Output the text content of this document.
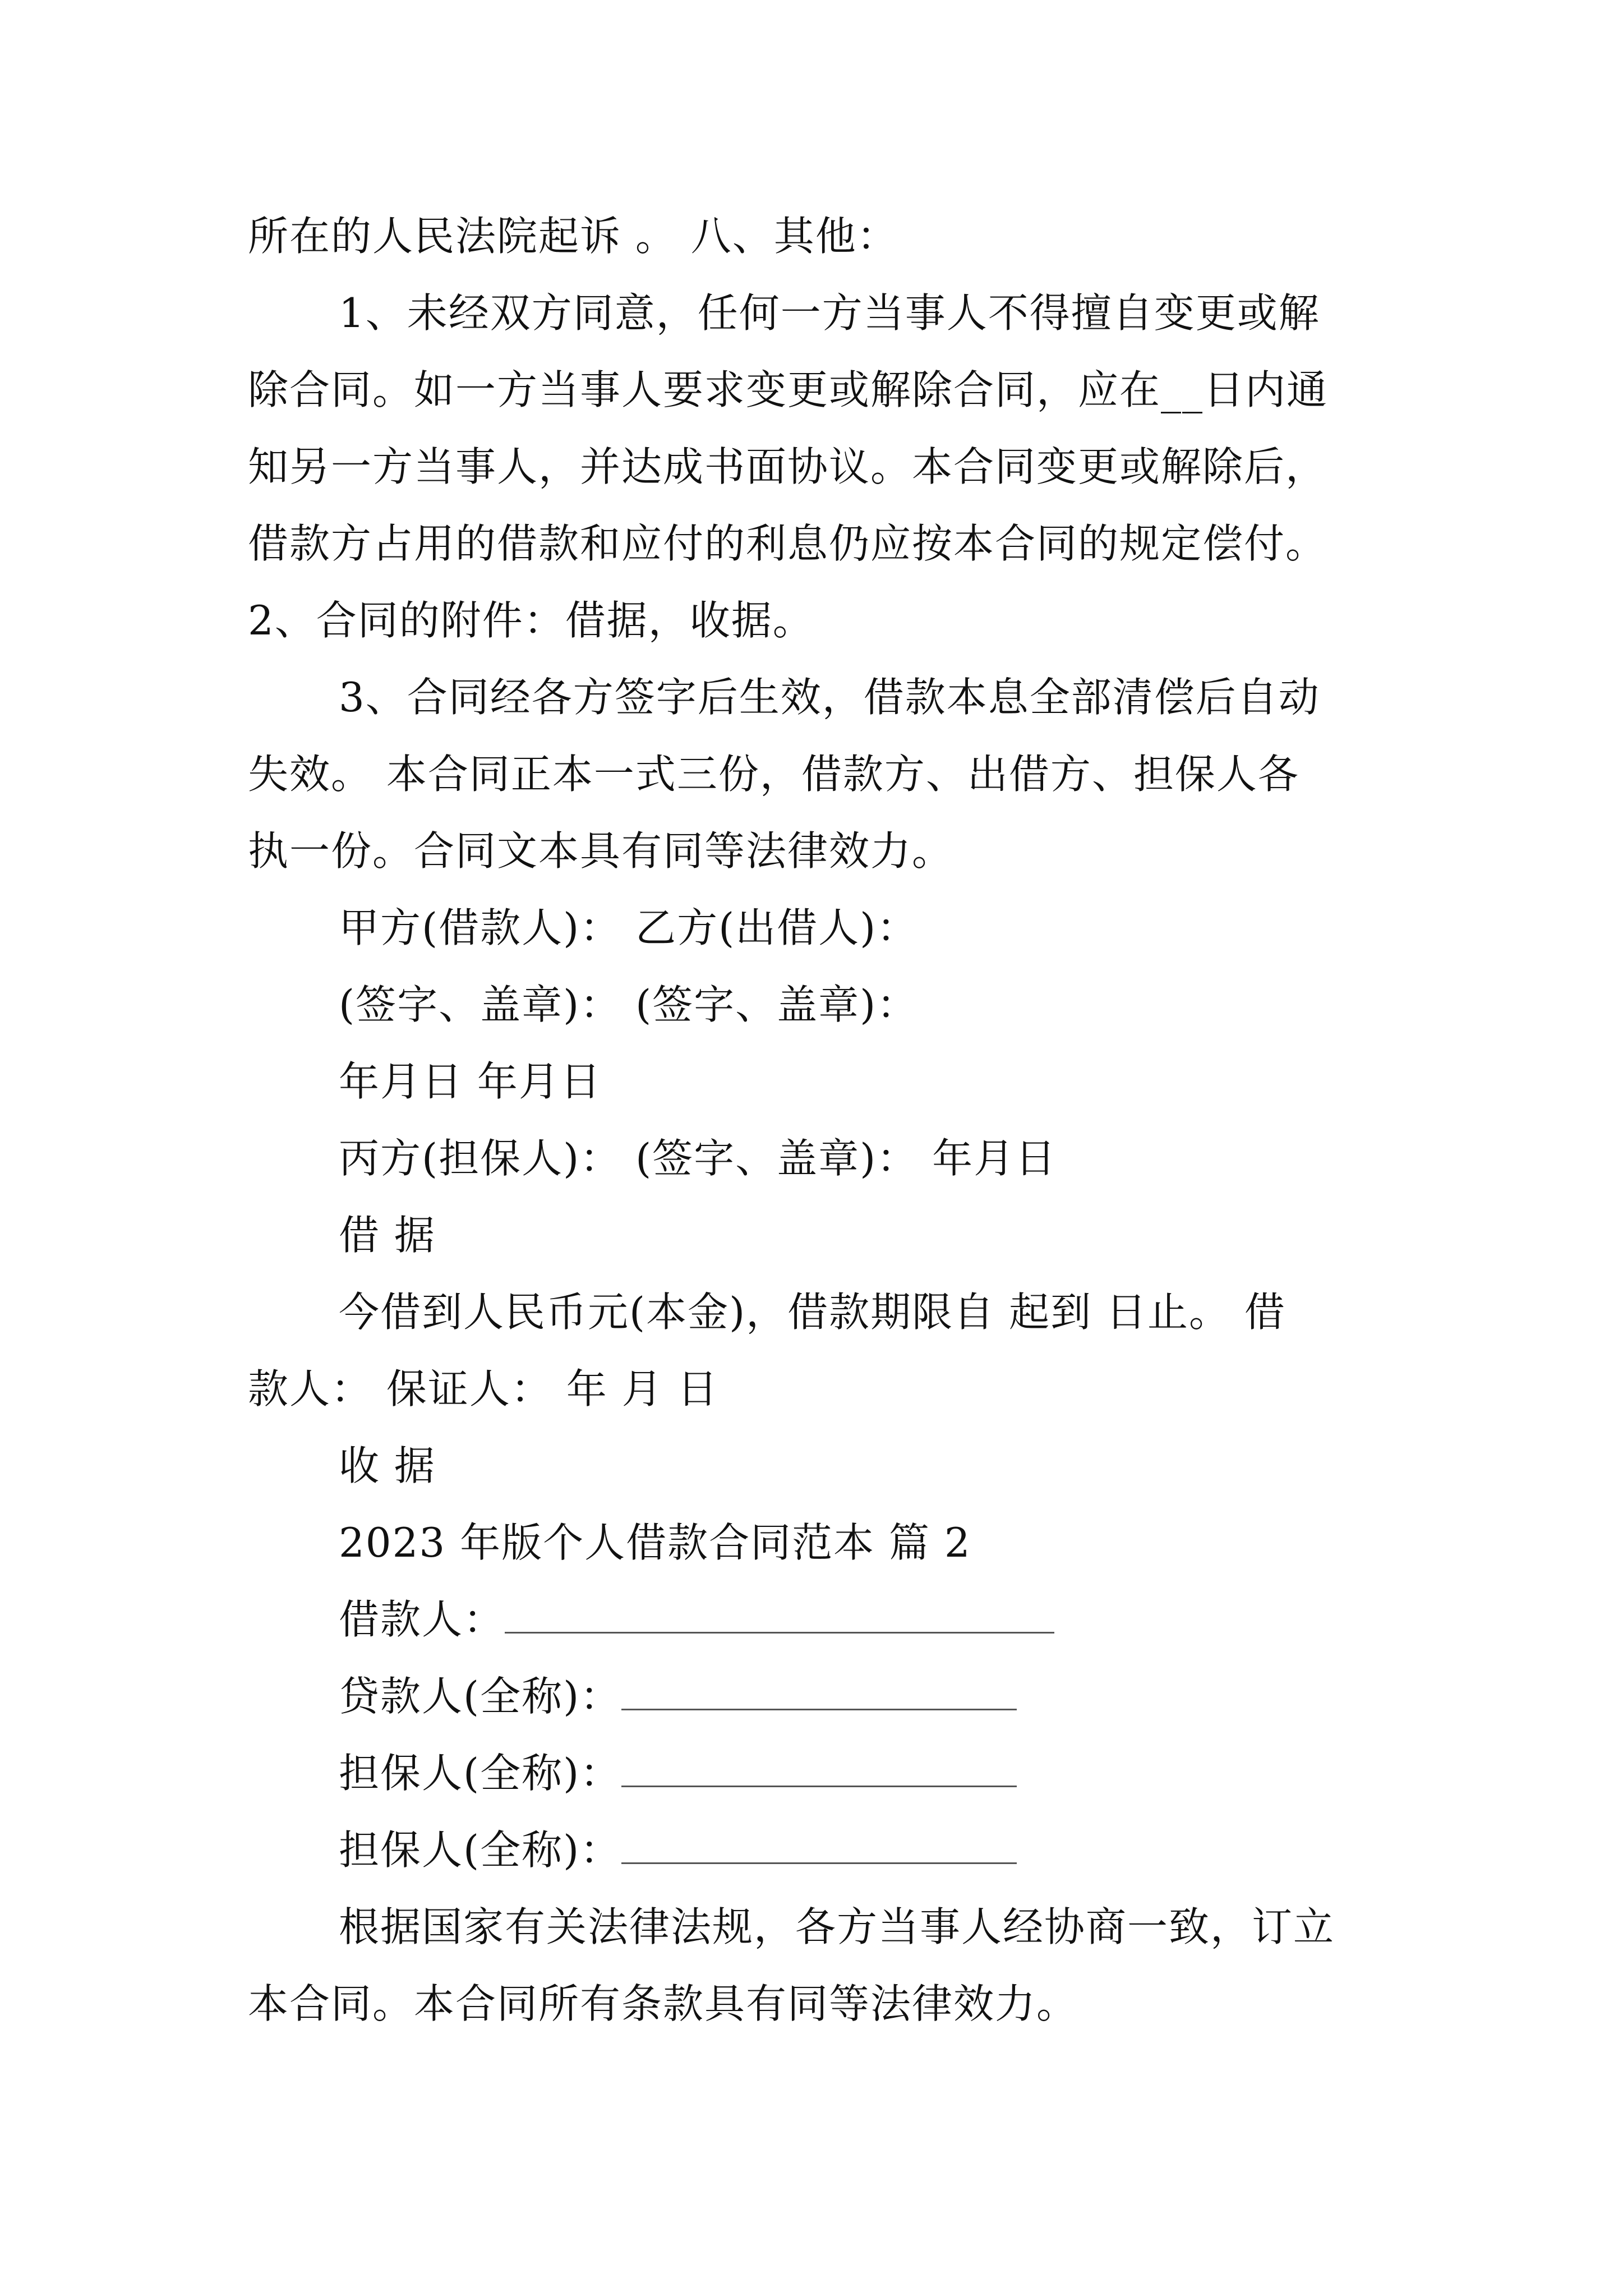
所在的人民法院起诉 。 八、其他：
1、未经双方同意，任何一方当事人不得擅自变更或解
除合同。如一方当事人要求变更或解除合同，应在__日内通
知另一方当事人，并达成书面协议。本合同变更或解除后，
借款方占用的借款和应付的利息仍应按本合同的规定偿付。
2、合同的附件：借据，收据。
3、合同经各方签字后生效，借款本息全部清偿后自动
失效。 本合同正本一式三份，借款方、出借方、担保人各
执一份。合同文本具有同等法律效力。
甲方(借款人)： 乙方(出借人)：
(签字、盖章)： (签字、盖章)：
年月日 年月日
丙方(担保人)： (签字、盖章)： 年月日
借 据
今借到人民币元(本金)，借款期限自 起到 日止。 借
款人： 保证人： 年 月 日
收 据
2023 年版个人借款合同范本 篇 2
借款人：
贷款人(全称)：
担保人(全称)：
担保人(全称)：
根据国家有关法律法规，各方当事人经协商一致，订立
本合同。本合同所有条款具有同等法律效力。
